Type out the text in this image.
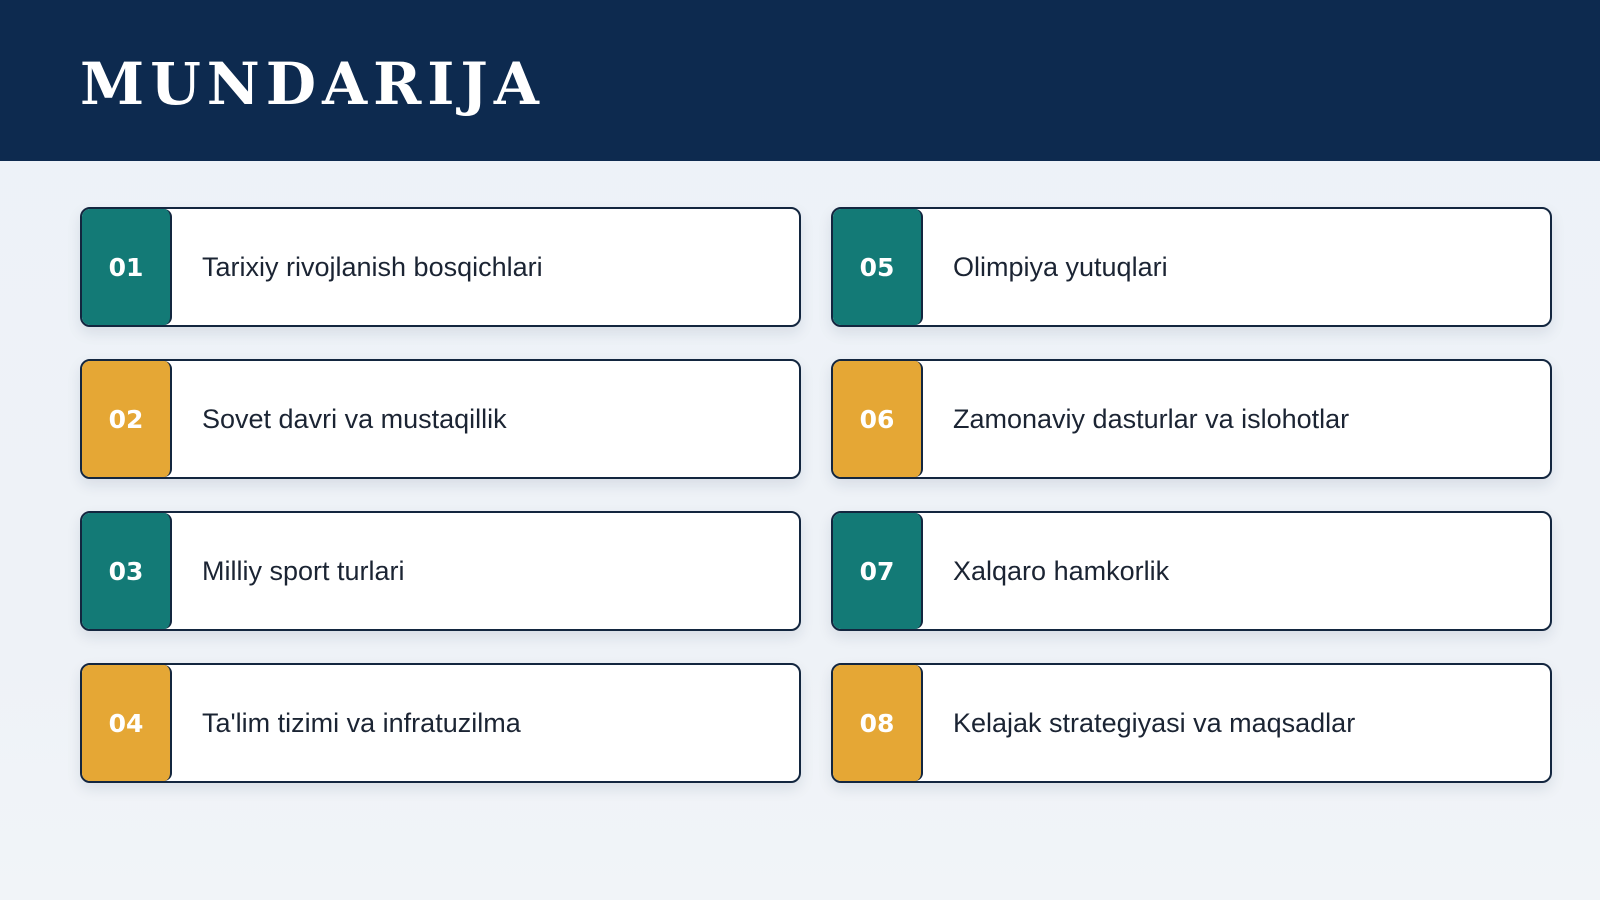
MUNDARIJA
01	Tarixiy rivojlanish bosqichlari
02	Sovet davri va mustaqillik
03	Milliy sport turlari
04	Ta'lim tizimi va infratuzilma
05	Olimpiya yutuqlari
06	Zamonaviy dasturlar va islohotlar
07	Xalqaro hamkorlik
08	Kelajak strategiyasi va maqsadlar
